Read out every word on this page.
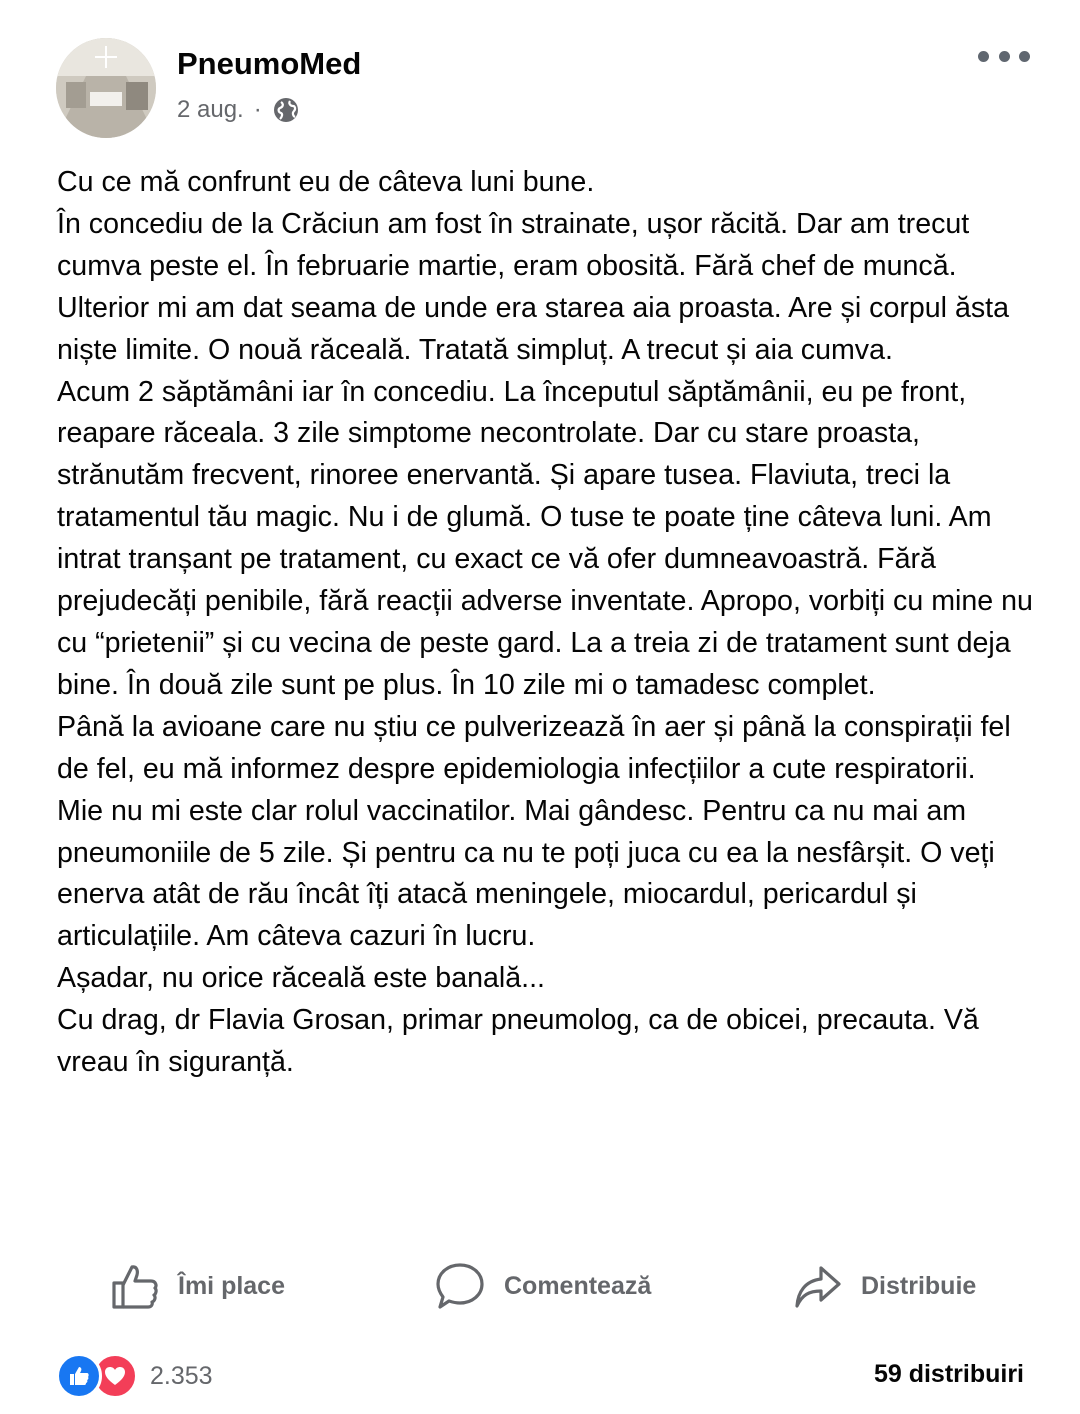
PneumoMed
2 aug. ·

Cu ce mă confrunt eu de câteva luni bune.
În concediu de la Crăciun am fost în strainate, ușor răcită. Dar am trecut cumva peste el. În februarie martie, eram obosită. Fără chef de muncă. Ulterior mi am dat seama de unde era starea aia proasta. Are și corpul ăsta niște limite. O nouă răceală. Tratată simpluț. A trecut și aia cumva.
Acum 2 săptămâni iar în concediu. La începutul săptămânii, eu pe front, reapare răceala. 3 zile simptome necontrolate. Dar cu stare proasta, strănutăm frecvent, rinoree enervantă. Și apare tusea. Flaviuta, treci la tratamentul tău magic. Nu i de glumă. O tuse te poate ține câteva luni. Am intrat tranșant pe tratament, cu exact ce vă ofer dumneavoastră. Fără prejudecăți penibile, fără reacții adverse inventate. Apropo, vorbiți cu mine nu cu “prietenii” și cu vecina de peste gard. La a treia zi de tratament sunt deja bine. În două zile sunt pe plus. În 10 zile mi o tamadesc complet.
Până la avioane care nu știu ce pulverizează în aer și până la conspirații fel de fel, eu mă informez despre epidemiologia infecțiilor a cute respiratorii.
Mie nu mi este clar rolul vaccinatilor. Mai gândesc. Pentru ca nu mai am pneumoniile de 5 zile. Și pentru ca nu te poți juca cu ea la nesfârșit. O veți enerva atât de rău încât îți atacă meningele, miocardul, pericardul și articulațiile. Am câteva cazuri în lucru.
Așadar, nu orice răceală este banală...
Cu drag, dr Flavia Grosan, primar pneumolog, ca de obicei, precauta. Vă vreau în siguranță.

Îmi place	Comentează	Distribuie
2.353	59 distribuiri
